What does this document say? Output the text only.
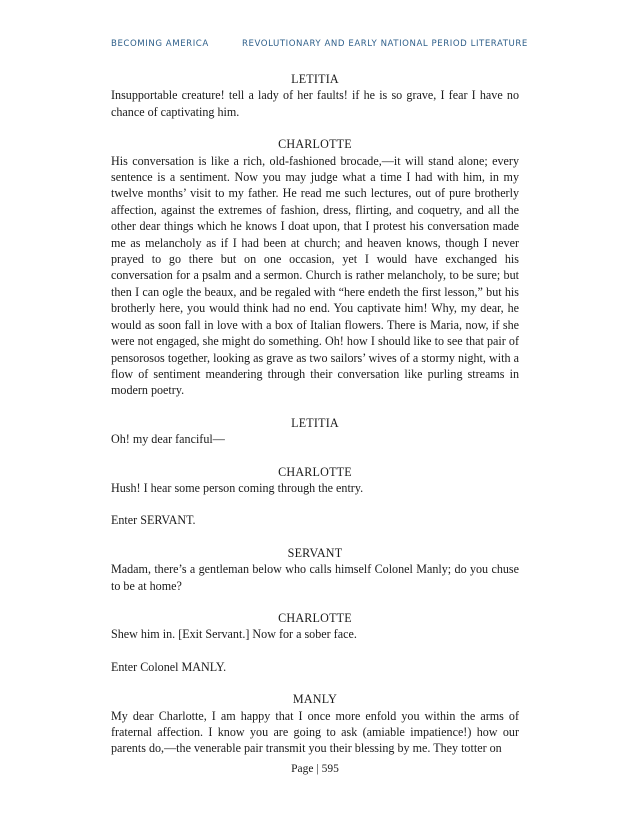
BECOMING AMERICA	REVOLUTIONARY AND EARLY NATIONAL PERIOD LITERATURE

LETITIA

Insupportable creature! tell a lady of her faults! if he is so grave, I fear I have no chance of captivating him.

CHARLOTTE

His conversation is like a rich, old-fashioned brocade,—it will stand alone; every sentence is a sentiment. Now you may judge what a time I had with him, in my twelve months’ visit to my father. He read me such lectures, out of pure brotherly affection, against the extremes of fashion, dress, flirting, and coquetry, and all the other dear things which he knows I doat upon, that I protest his conversation made me as melancholy as if I had been at church; and heaven knows, though I never prayed to go there but on one occasion, yet I would have exchanged his conversation for a psalm and a sermon. Church is rather melancholy, to be sure; but then I can ogle the beaux, and be regaled with “here endeth the first lesson,” but his brotherly here, you would think had no end. You captivate him! Why, my dear, he would as soon fall in love with a box of Italian flowers. There is Maria, now, if she were not engaged, she might do something. Oh! how I should like to see that pair of pensorosos together, looking as grave as two sailors’ wives of a stormy night, with a flow of sentiment meandering through their conversation like purling streams in modern poetry.

LETITIA

Oh! my dear fanciful—

CHARLOTTE

Hush! I hear some person coming through the entry.

Enter SERVANT.

SERVANT

Madam, there’s a gentleman below who calls himself Colonel Manly; do you chuse to be at home?

CHARLOTTE

Shew him in. [Exit Servant.] Now for a sober face.

Enter Colonel MANLY.

MANLY

My dear Charlotte, I am happy that I once more enfold you within the arms of fraternal affection. I know you are going to ask (amiable impatience!) how our parents do,—the venerable pair transmit you their blessing by me. They totter on

Page | 595
